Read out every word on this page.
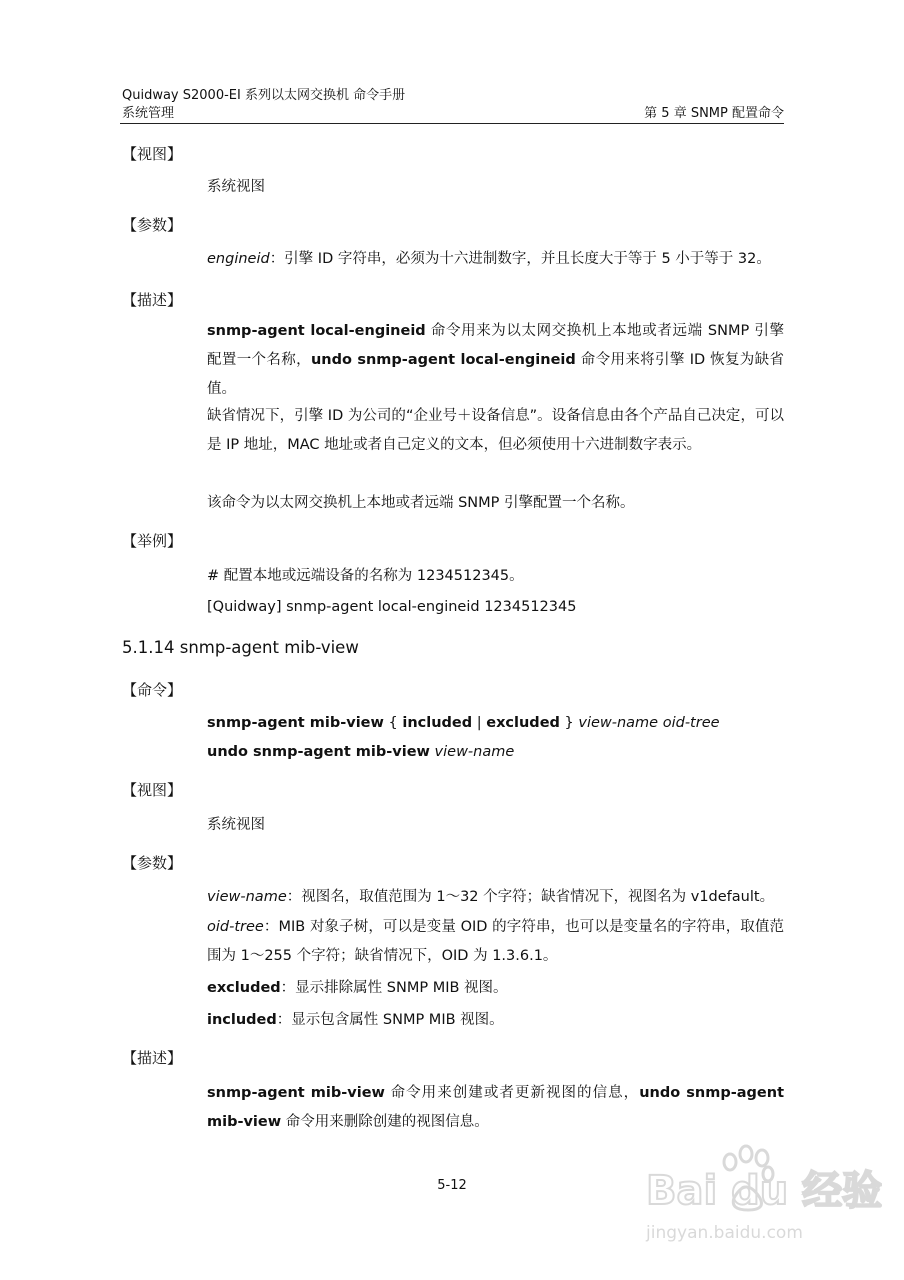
Quidway S2000-EI 系列以太网交换机 命令手册
系统管理	第 5 章 SNMP 配置命令
【视图】
系统视图
【参数】
engineid：引擎 ID 字符串，必须为十六进制数字，并且长度大于等于 5 小于等于 32。
【描述】
snmp-agent local-engineid 命令用来为以太网交换机上本地或者远端 SNMP 引擎配置一个名称，undo snmp-agent local-engineid 命令用来将引擎 ID 恢复为缺省值。
缺省情况下，引擎 ID 为公司的“企业号＋设备信息”。设备信息由各个产品自己决定，可以是 IP 地址，MAC 地址或者自己定义的文本，但必须使用十六进制数字表示。
该命令为以太网交换机上本地或者远端 SNMP 引擎配置一个名称。
【举例】
# 配置本地或远端设备的名称为 1234512345。
[Quidway] snmp-agent local-engineid 1234512345
5.1.14 snmp-agent mib-view
【命令】
snmp-agent mib-view { included | excluded } view-name oid-tree
undo snmp-agent mib-view view-name
【视图】
系统视图
【参数】
view-name：视图名，取值范围为 1～32 个字符；缺省情况下，视图名为 v1default。
oid-tree：MIB 对象子树，可以是变量 OID 的字符串，也可以是变量名的字符串，取值范围为 1～255 个字符；缺省情况下，OID 为 1.3.6.1。
excluded：显示排除属性 SNMP MIB 视图。
included：显示包含属性 SNMP MIB 视图。
【描述】
snmp-agent mib-view 命令用来创建或者更新视图的信息，undo snmp-agent mib-view 命令用来删除创建的视图信息。
5-12	Bai du 经验
jingyan.baidu.com
